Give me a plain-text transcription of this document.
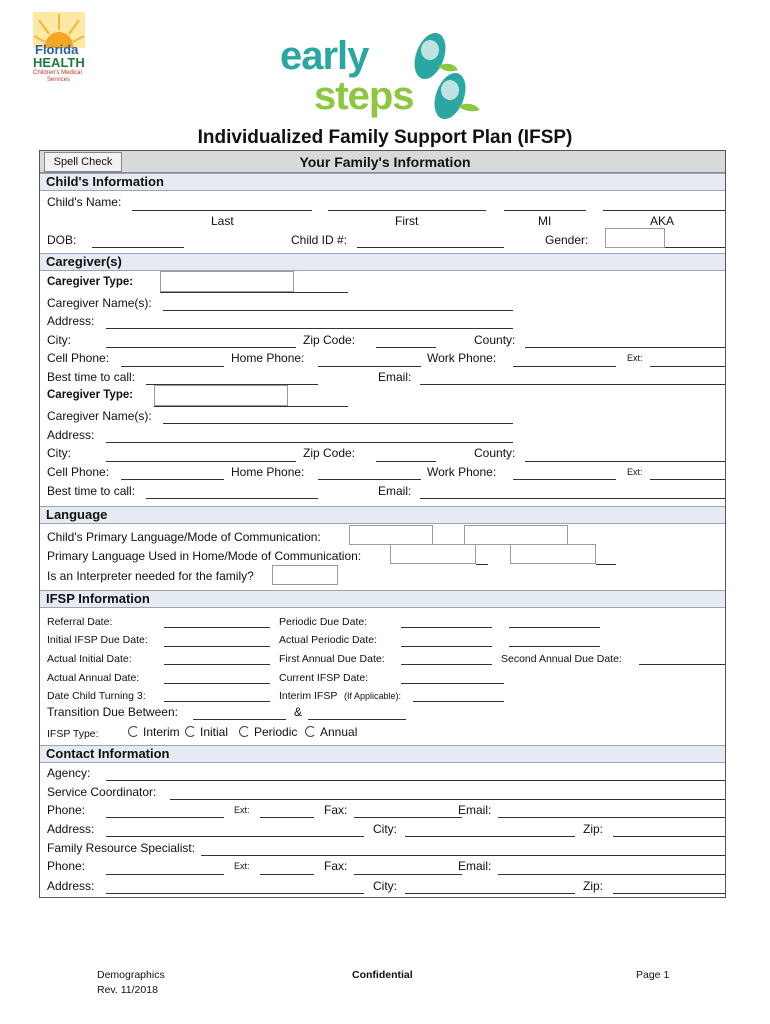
Florida
HEALTH
Children's Medical
Services
early
steps
Individualized Family Support Plan (IFSP)
Spell Check	Your Family's Information
Child's Information
Child's Name:
Last	First	MI	AKA
DOB:	Child ID #:	Gender:
Caregiver(s)
Caregiver Type:
Caregiver Name(s):
Address:
City:	Zip Code:	County:
Cell Phone:	Home Phone:	Work Phone:	Ext:
Best time to call:	Email:
Caregiver Type:
Caregiver Name(s):
Address:
City:	Zip Code:	County:
Cell Phone:	Home Phone:	Work Phone:	Ext:
Best time to call:	Email:
Language
Child's Primary Language/Mode of Communication:
Primary Language Used in Home/Mode of Communication:
Is an Interpreter needed for the family?
IFSP Information
Referral Date:	Periodic Due Date:
Initial IFSP Due Date:	Actual Periodic Date:
Actual Initial Date:	First Annual Due Date:	Second Annual Due Date:
Actual Annual Date:	Current IFSP Date:
Date Child Turning 3:	Interim IFSP (If Applicable):
Transition Due Between:	&
IFSP Type:	Interim	Initial	Periodic	Annual
Contact Information
Agency:
Service Coordinator:
Phone:	Ext:	Fax:	Email:
Address:	City:	Zip:
Family Resource Specialist:
Phone:	Ext:	Fax:	Email:
Address:	City:	Zip:
Demographics
Rev. 11/2018
Confidential	Page 1
